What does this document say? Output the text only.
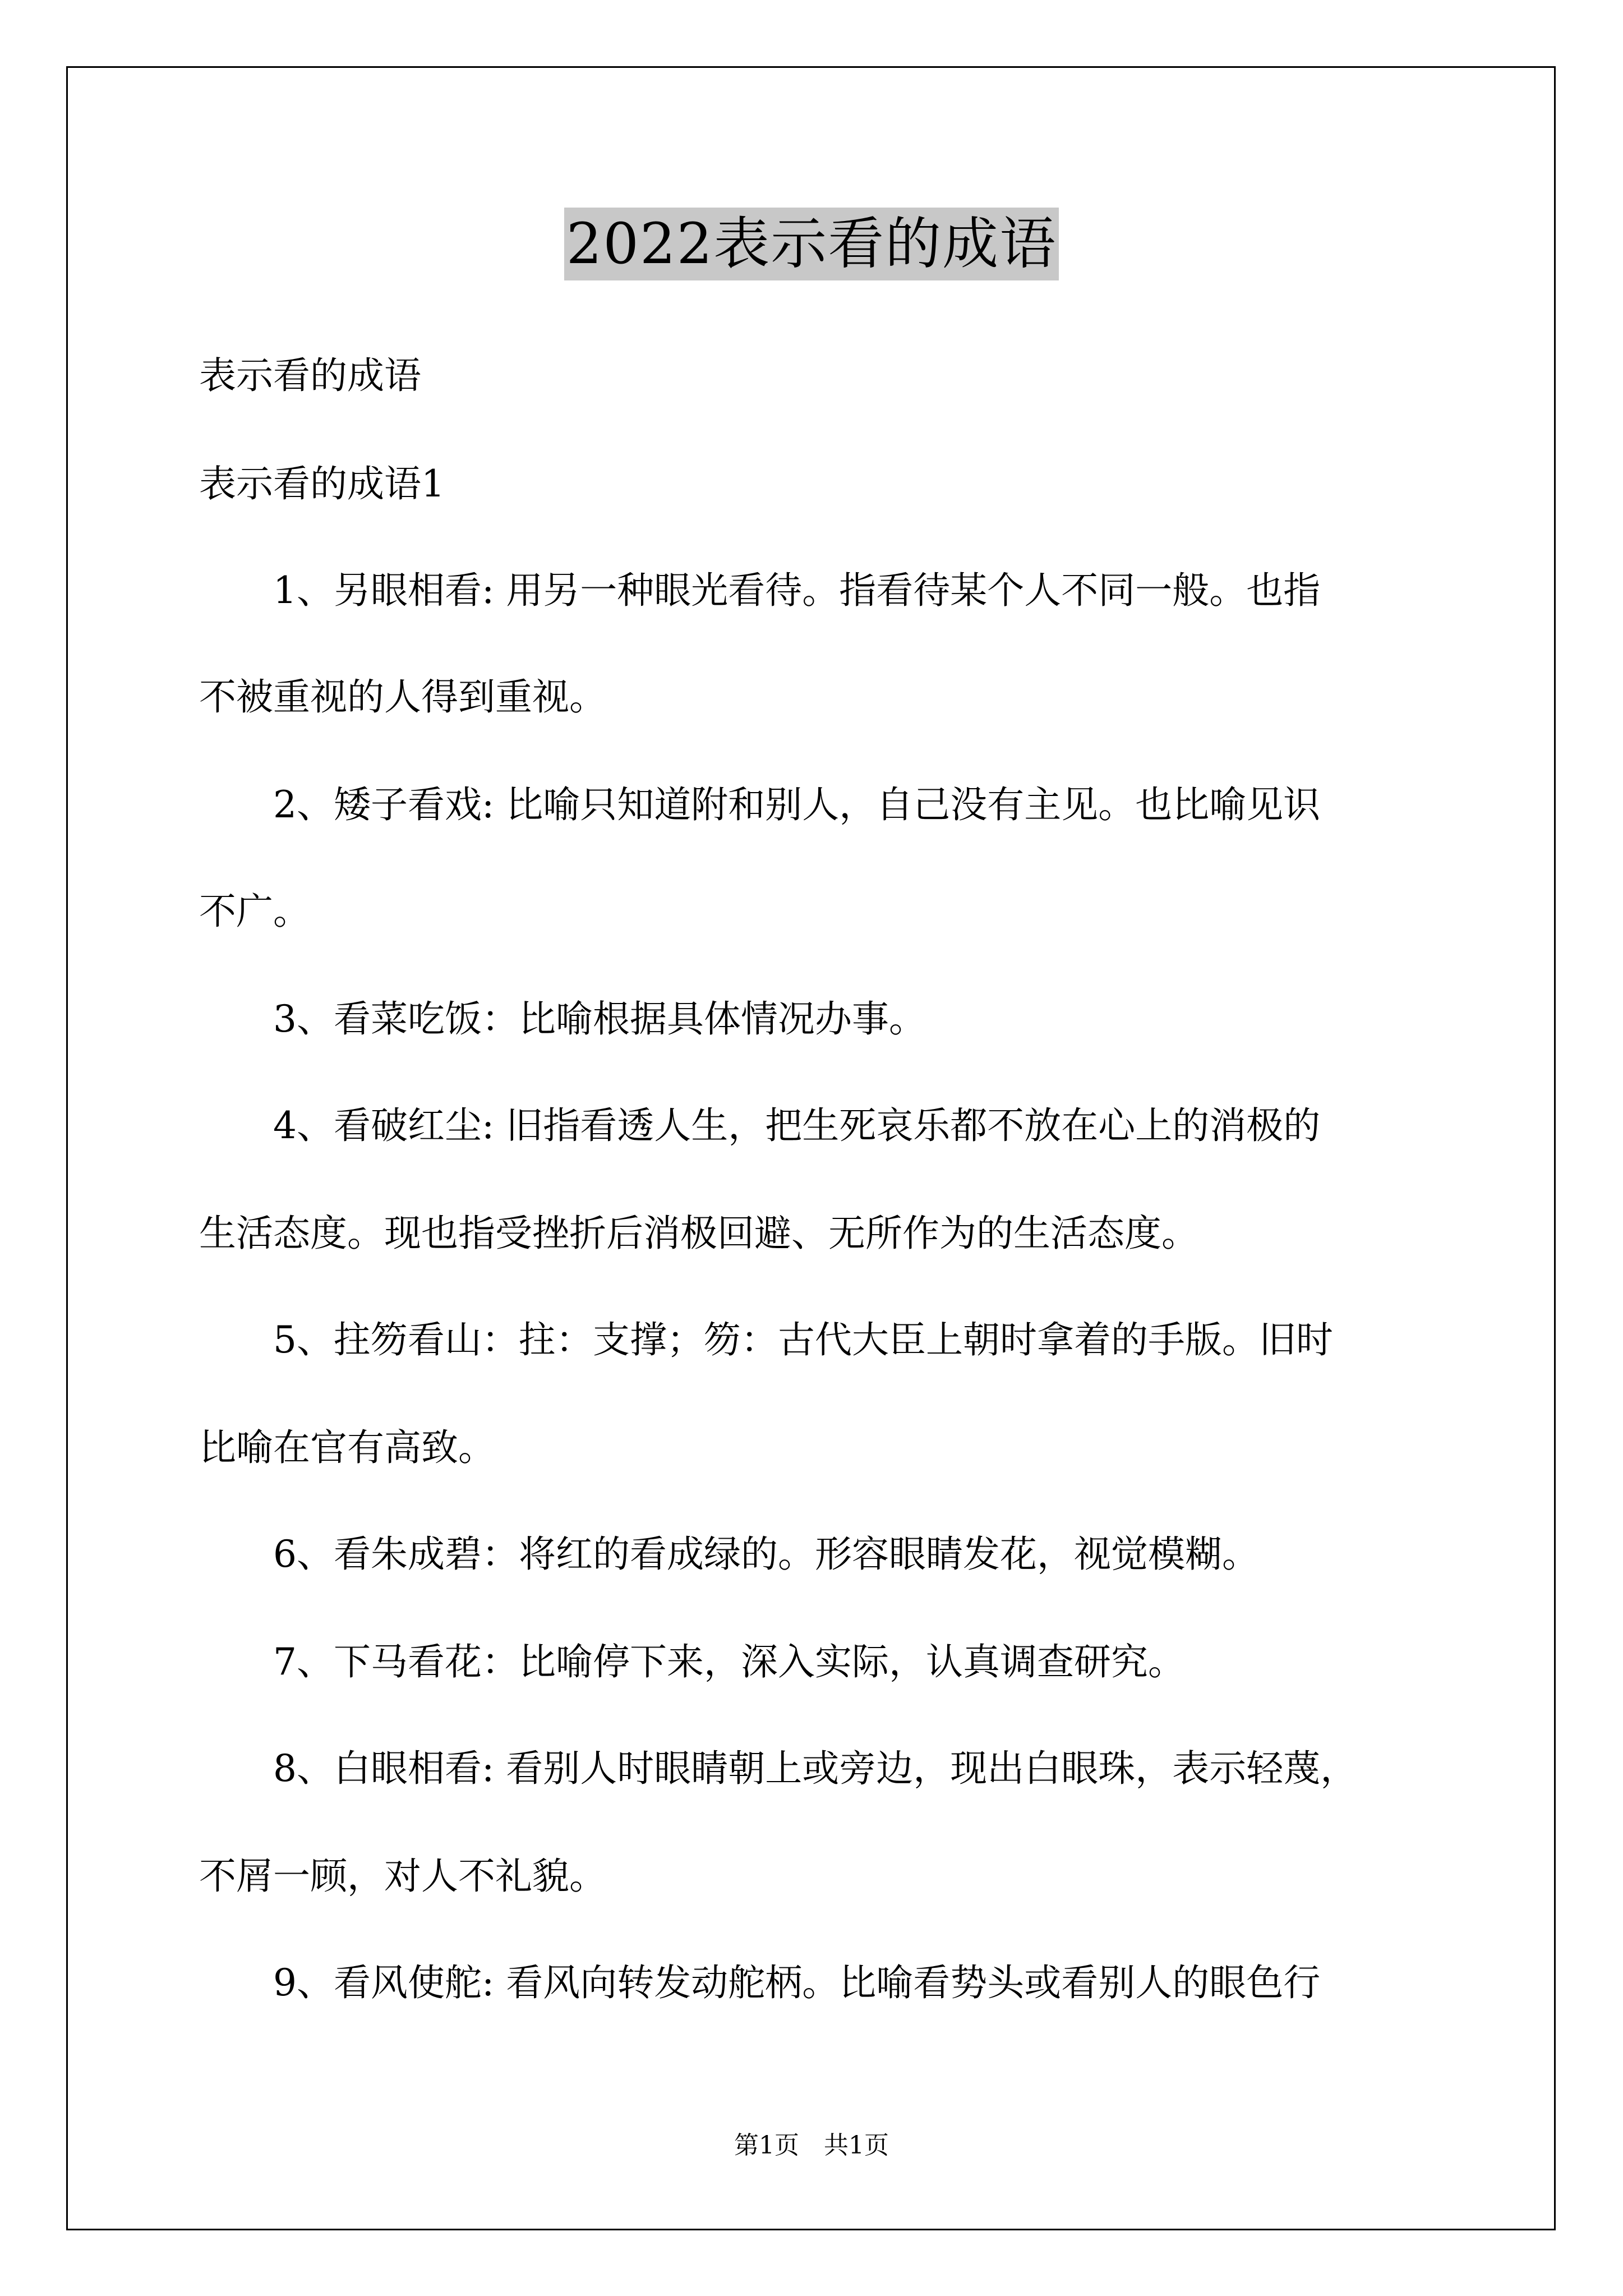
2022表示看的成语
表示看的成语
表示看的成语1
1、另眼相看: 用另一种眼光看待。指看待某个人不同一般。也指
不被重视的人得到重视。
2、矮子看戏: 比喻只知道附和别人，自己没有主见。也比喻见识
不广。
3、看菜吃饭：比喻根据具体情况办事。
4、看破红尘: 旧指看透人生，把生死哀乐都不放在心上的消极的
生活态度。现也指受挫折后消极回避、无所作为的生活态度。
5、拄笏看山：拄：支撑；笏：古代大臣上朝时拿着的手版。旧时
比喻在官有高致。
6、看朱成碧：将红的看成绿的。形容眼睛发花，视觉模糊。
7、下马看花：比喻停下来，深入实际，认真调查研究。
8、白眼相看: 看别人时眼睛朝上或旁边，现出白眼珠，表示轻蔑，
不屑一顾，对人不礼貌。
9、看风使舵: 看风向转发动舵柄。比喻看势头或看别人的眼色行
第1页　共1页
